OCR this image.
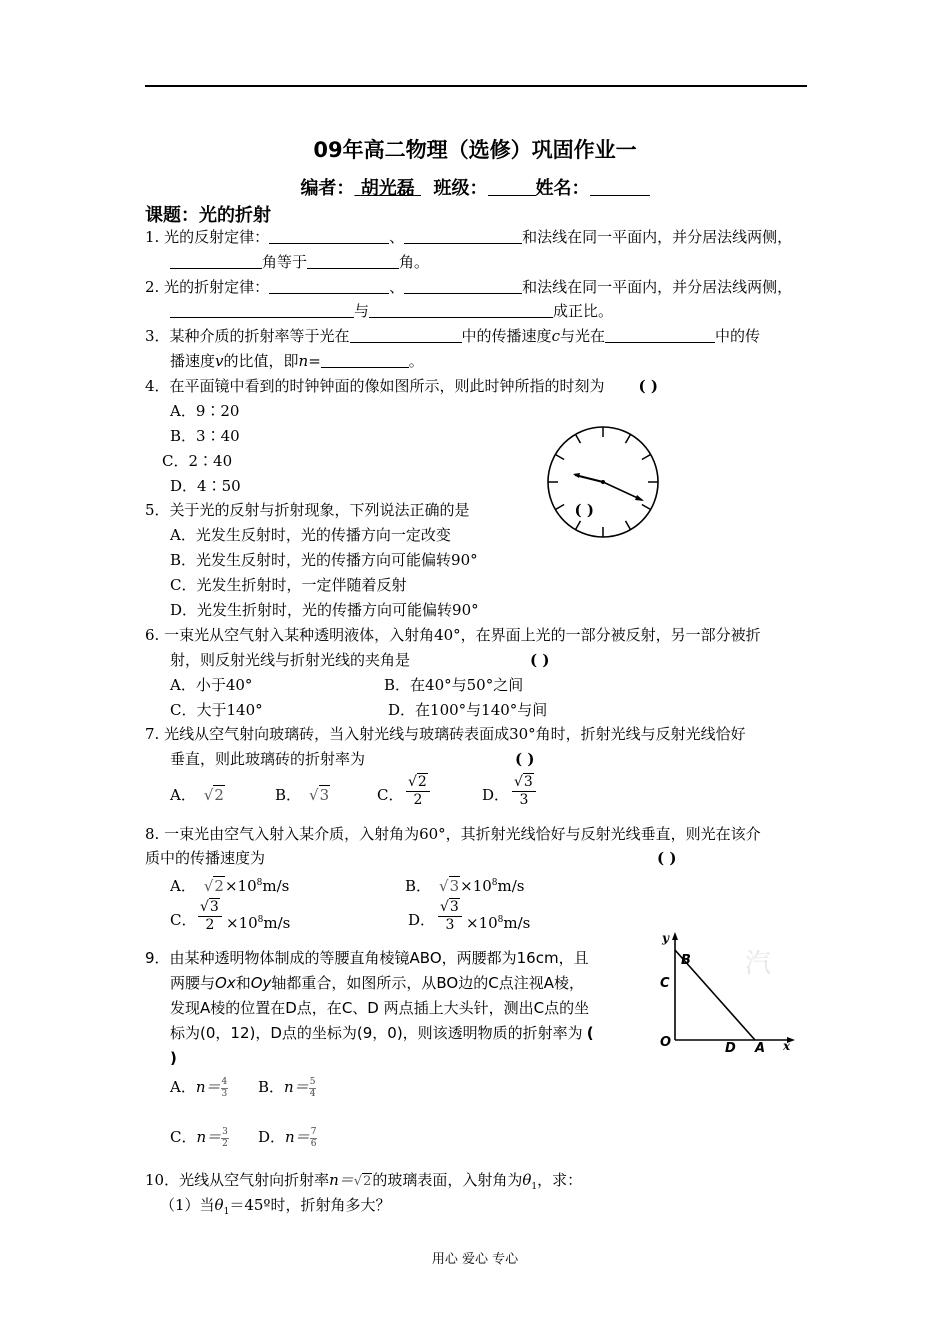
09年高二物理（选修）巩固作业一
编者： 胡光磊 班级：	姓名：
课题：光的折射
1. 光的反射定律：	、	和法线在同一平面内，并分居法线两侧，
角等于	角。
2. 光的折射定律：	、	和法线在同一平面内，并分居法线两侧，
与	成正比。
3．某种介质的折射率等于光在	中的传播速度c与光在	中的传
播速度v的比值，即n=	。
4．在平面镜中看到的时钟钟面的像如图所示，则此时钟所指的时刻为 ( )
A．9∶20
B．3∶40
C．2∶40
D．4∶50
5．关于光的反射与折射现象，下列说法正确的是	( )
A．光发生反射时，光的传播方向一定改变
B．光发生反射时，光的传播方向可能偏转90°
C．光发生折射时，一定伴随着反射
D．光发生折射时，光的传播方向可能偏转90°
6. 一束光从空气射入某种透明液体，入射角40°，在界面上光的一部分被反射，另一部分被折
射，则反射光线与折射光线的夹角是	( )
A．小于40°	B．在40°与50°之间
C．大于140°	D．在100°与140°与间
7. 光线从空气射向玻璃砖，当入射光线与玻璃砖表面成30°角时，折射光线与反射光线恰好
垂直，则此玻璃砖的折射率为	( )
A． √2	B． √3	C． $\frac{√2}{2}$	D． $\frac{√3}{3}$
8. 一束光由空气入射入某介质，入射角为60°，其折射光线恰好与反射光线垂直，则光在该介
质中的传播速度为	( )
A． $√2\times 10^8m/s$	B． $√3\times 10^8m/s$
C． $\frac{√3}{2} \times 10^8m/s$	D． $\frac{√3}{3} \times 10^8m/s$
9．由某种透明物体制成的等腰直角棱镜ABO，两腰都为16cm，且
两腰与Ox和Oy轴都重合，如图所示，从BO边的C点注视A棱，
发现A棱的位置在D点，在C、D 两点插上大头针，测出C点的坐
标为(0，12)，D点的坐标为(9，0)，则该透明物质的折射率为 (
)
汽
y
B
C
O	D A x
A．$n= \frac{4}{3}$ B．$n= \frac{5}{4}$
C．$n= \frac{3}{2}$ D．$n= \frac{7}{6}$
10．光线从空气射向折射率n＝√2的玻璃表面，入射角为$\theta_1$，求：
（1）当$\theta_1=45º$时，折射角多大？
用心 爱心 专心
